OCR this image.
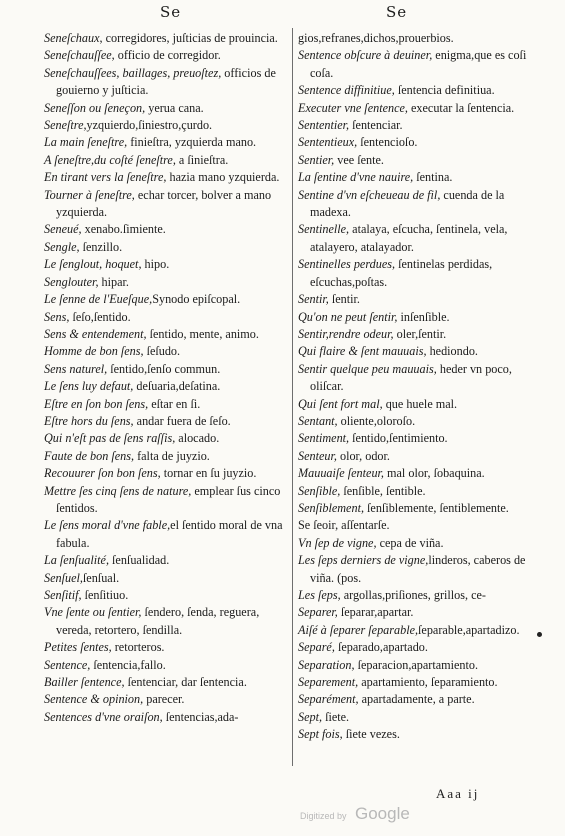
Se	Se
Seneſchaux, corregidores, juſticias de prouincia.
Seneſchauſſee, officio de corregidor.
Seneſchauſſees, baillages, preuoſtez, officios de gouierno y juſticia.
Seneſſon ou ſeneçon, yerua cana.
Seneſtre,yzquierdo,ſiniestro,çurdo.
La main ſeneſtre, finieſtra, yzquierda mano.
A ſeneſtre,du coſté ſeneſtre, a ſinieſtra.
En tirant vers la ſeneſtre, hazia mano yzquierda.
Tourner à ſeneſtre, echar torcer, bolver a mano yzquierda.
Seneué, xenabo.ſimiente.
Sengle, ſenzillo.
Le ſenglout, hoquet, hipo.
Senglouter, hipar.
Le ſenne de l'Eueſque,Synodo epiſcopal.
Sens, ſeſo,ſentido.
Sens & entendement, ſentido, mente, animo.
Homme de bon ſens, ſeſudo.
Sens naturel, ſentido,ſenſo commun.
Le ſens luy defaut, deſuaria,deſatina.
Eſtre en ſon bon ſens, eſtar en ſi.
Eſtre hors du ſens, andar fuera de ſeſo.
Qui n'eſt pas de ſens raſſis, alocado.
Faute de bon ſens, falta de juyzio.
Recouurer ſon bon ſens, tornar en ſu juyzio.
Mettre ſes cinq ſens de nature, emplear ſus cinco ſentidos.
Le ſens moral d'vne fable,el ſentido moral de vna fabula.
La ſenſualité, ſenſualidad.
Senſuel,ſenſual.
Senſitif, ſenſitiuo.
Vne ſente ou ſentier, ſendero, ſenda, reguera, vereda, retortero, ſendilla.
Petites ſentes, retorteros.
Sentence, ſentencia,fallo.
Bailler ſentence, ſentenciar, dar ſentencia.
Sentence & opinion, parecer.
Sentences d'vne oraiſon, ſentencias,ada-
gios,refranes,dichos,prouerbios.
Sentence obſcure à deuiner, enigma,que es coſi coſa.
Sentence diffinitiue, ſentencia definitiua.
Executer vne ſentence, executar la ſentencia.
Sententier, ſentenciar.
Sententieux, ſentencioſo.
Sentier, vee ſente.
La ſentine d'vne nauire, ſentina.
Sentine d'vn eſcheueau de fil, cuenda de la madexa.
Sentinelle, atalaya, eſcucha, ſentinela, vela, atalayero, atalayador.
Sentinelles perdues, ſentinelas perdidas, eſcuchas,poſtas.
Sentir, ſentir.
Qu'on ne peut ſentir, inſenſible.
Sentir,rendre odeur, oler,ſentir.
Qui flaire & ſent mauuais, hediondo.
Sentir quelque peu mauuais, heder vn poco, oliſcar.
Qui ſent fort mal, que huele mal.
Sentant, oliente,oloroſo.
Sentiment, ſentido,ſentimiento.
Senteur, olor, odor.
Mauuaiſe ſenteur, mal olor, ſobaquina.
Senſible, ſenſible, ſentible.
Senſiblement, ſenſiblemente, ſentiblemente.
Se ſeoir, aſſentarſe.
Vn ſep de vigne, cepa de viña.
Les ſeps derniers de vigne,linderos, caberos de viña. (pos.
Les ſeps, argollas,priſiones, grillos, ce-
Separer, ſeparar,apartar.
Aiſé à ſeparer ſeparable,ſeparable,apartadizo.
Separé, ſeparado,apartado.
Separation, ſeparacion,apartamiento.
Separement, apartamiento, ſeparamiento.
Separément, apartadamente, a parte.
Sept, ſiete.
Sept fois, ſiete vezes.
Aaa ij
Digitized by Google
